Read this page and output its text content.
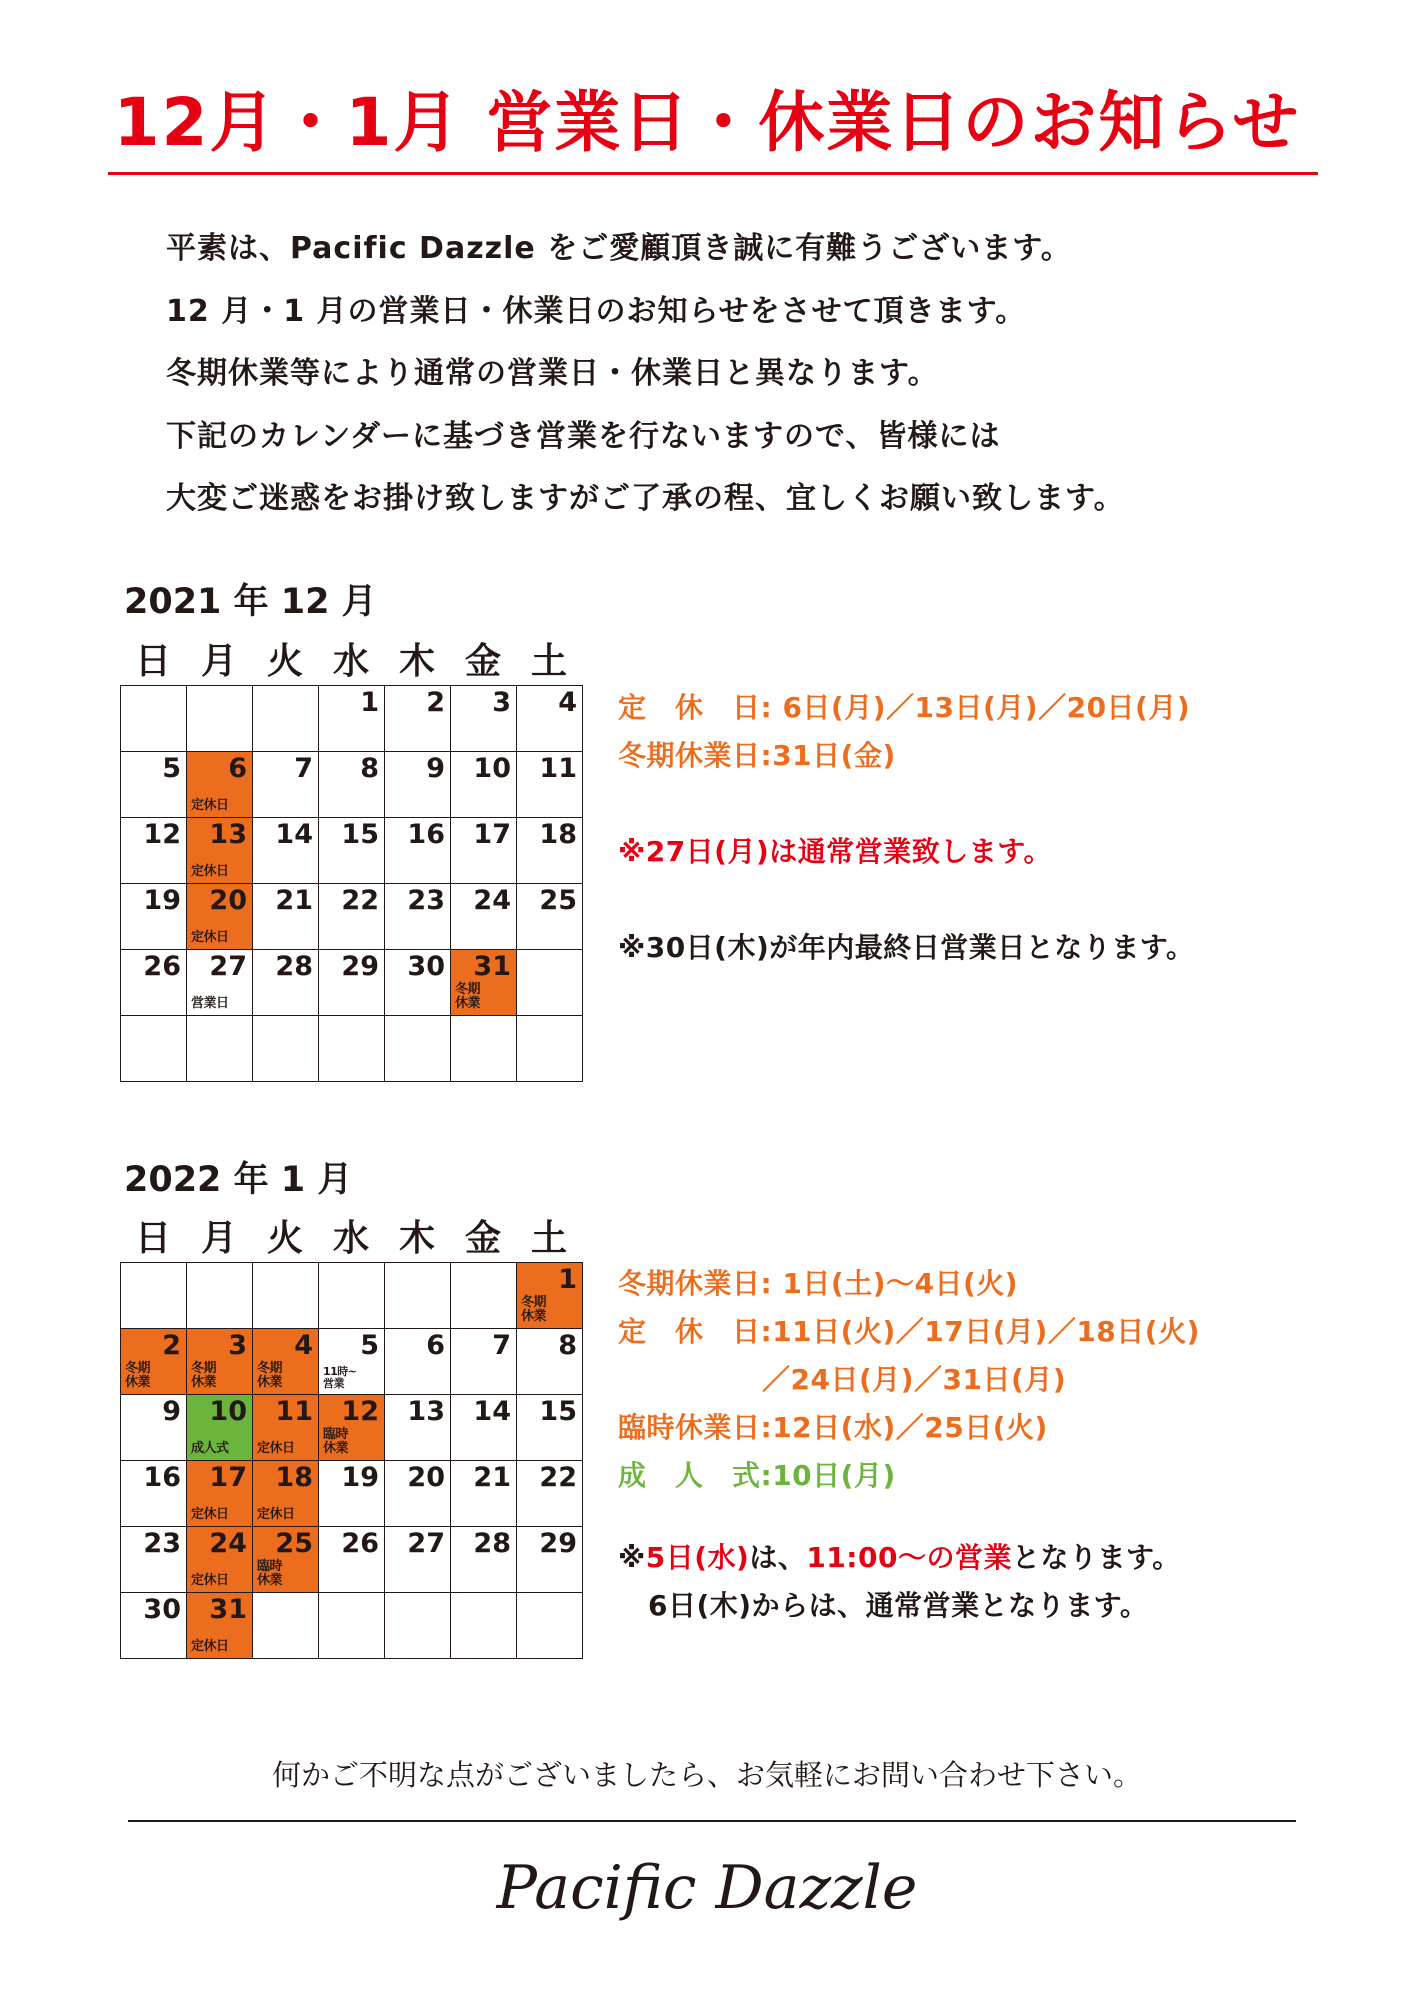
12月・1月 営業日・休業日のお知らせ

平素は、Pacific Dazzle をご愛顧頂き誠に有難うございます。

12 月・1 月の営業日・休業日のお知らせをさせて頂きます。

冬期休業等により通常の営業日・休業日と異なります。

下記のカレンダーに基づき営業を行ないますので、皆様には

大変ご迷惑をお掛け致しますがご了承の程、宜しくお願い致します。

2021 年 12 月
日 月 火 水 木 金 土
1 2 3 4
5 6
定休日
7 8 9 10 11
12 13
定休日
14 15 16 17 18
19 20
定休日
21 22 23 24 25
26 27
営業日
28 29 30 31
冬期
休業
定　休　日: 6日(月)／13日(月)／20日(月)
冬期休業日:31日(金)
※27日(月)は通常営業致します。
※30日(木)が年内最終日営業日となります。
2022 年 1 月
日 月 火 水 木 金 土
1
冬期
休業
2
冬期
休業
3
冬期
休業
4
冬期
休業
5
11時~
営業
6 7 8
9 10
成人式
11
定休日
12
臨時
休業
13 14 15
16 17
定休日
18
定休日
19 20 21 22
23 24
定休日
25
臨時
休業
26 27 28 29
30 31
定休日
冬期休業日: 1日(土)～4日(火)
定　休　日:11日(火)／17日(月)／18日(火)
／24日(月)／31日(月)
臨時休業日:12日(水)／25日(火)
成　人　式:10日(月)
※5日(水)は、11:00～の営業となります。
6日(木)からは、通常営業となります。
何かご不明な点がございましたら、お気軽にお問い合わせ下さい。
Pacific Dazzle
